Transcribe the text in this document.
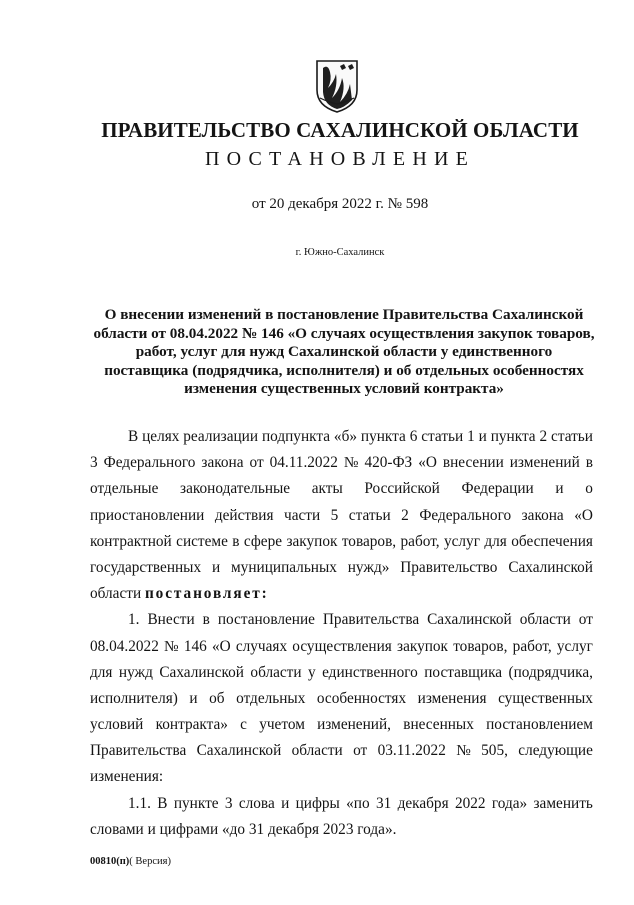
ПРАВИТЕЛЬСТВО САХАЛИНСКОЙ ОБЛАСТИ
ПОСТАНОВЛЕНИЕ
от 20 декабря 2022 г. № 598
г. Южно-Сахалинск
О внесении изменений в постановление Правительства Сахалинской
области от 08.04.2022 № 146 «О случаях осуществления закупок товаров,
работ, услуг для нужд Сахалинской области у единственного
поставщика (подрядчика, исполнителя) и об отдельных особенностях
изменения существенных условий контракта»
В целях реализации подпункта «б» пункта 6 статьи 1 и пункта 2 статьи
3 Федерального закона от 04.11.2022 № 420-ФЗ «О внесении изменений в
отдельные законодательные акты Российской Федерации и о
приостановлении действия части 5 статьи 2 Федерального закона «О
контрактной системе в сфере закупок товаров, работ, услуг для обеспечения
государственных и муниципальных нужд» Правительство Сахалинской
области постановляет:
1. Внести в постановление Правительства Сахалинской области от
08.04.2022 № 146 «О случаях осуществления закупок товаров, работ, услуг
для нужд Сахалинской области у единственного поставщика (подрядчика,
исполнителя) и об отдельных особенностях изменения существенных
условий контракта» с учетом изменений, внесенных постановлением
Правительства Сахалинской области от 03.11.2022 № 505, следующие
изменения:
1.1. В пункте 3 слова и цифры «по 31 декабря 2022 года» заменить
словами и цифрами «до 31 декабря 2023 года».
00810(п)( Версия)
